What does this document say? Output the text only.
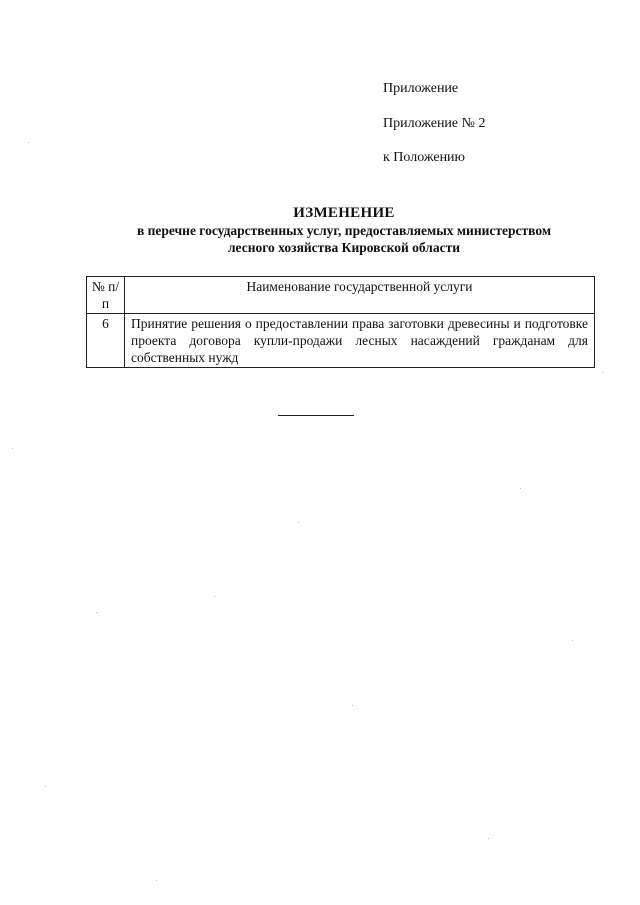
Приложение
Приложение № 2
к Положению
ИЗМЕНЕНИЕ
в перечне государственных услуг, предоставляемых министерством
лесного хозяйства Кировской области
№ п/п	Наименование государственной услуги
6	Принятие решения о предоставлении права заготовки древесины и подготовке проекта договора купли-продажи лесных насаждений гражданам для собственных нужд
